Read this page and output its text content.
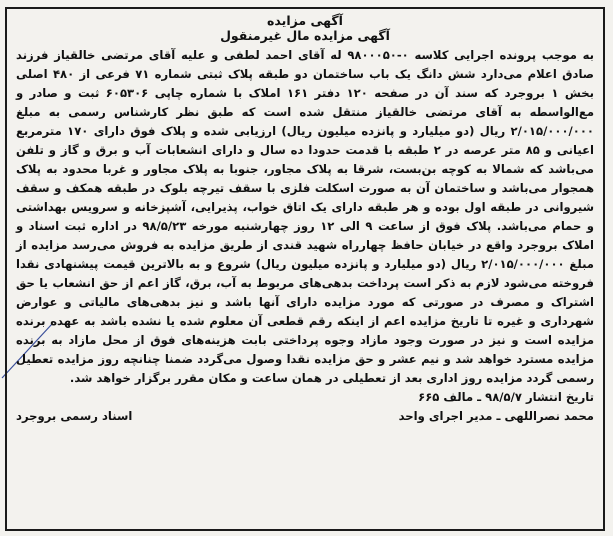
آگهی مزایده

آگهی مزایده مال غیرمنقول

به موجب پرونده اجرایی کلاسه ۰-۹۸۰۰۰۵۰ له آقای احمد لطفی و علیه آقای مرتضی خالقیاز فرزند صادق اعلام می‌دارد شش دانگ یک باب ساختمان دو طبقه پلاک ثبتی شماره ۷۱ فرعی از ۴۸۰ اصلی بخش ۱ بروجرد که سند آن در صفحه ۱۲۰ دفتر ۱۶۱ املاک با شماره چاپی ۶۰۵۳۰۶ ثبت و صادر و مع‌الواسطه به آقای مرتضی خالقیاز منتقل شده است که طبق نظر کارشناس رسمی به مبلغ ۲/۰۱۵/۰۰۰/۰۰۰ ریال (دو میلیارد و پانزده میلیون ریال) ارزیابی شده و پلاک فوق دارای ۱۷۰ مترمربع اعیانی و ۸۵ متر عرصه در ۲ طبقه با قدمت حدودا ده سال و دارای انشعابات آب و برق و گاز و تلفن می‌باشد که شمالا به کوچه بن‌بست، شرقا به پلاک مجاور، جنوبا به پلاک مجاور و غربا محدود به پلاک همجوار می‌باشد و ساختمان آن به صورت اسکلت فلزی با سقف تیرچه بلوک در طبقه همکف و سقف شیروانی در طبقه اول بوده و هر طبقه دارای یک اتاق خواب، پذیرایی، آشپزخانه و سرویس بهداشتی و حمام می‌باشد. پلاک فوق از ساعت ۹ الی ۱۲ روز چهارشنبه مورخه ۹۸/۵/۲۳ در اداره ثبت اسناد و املاک بروجرد واقع در خیابان حافظ چهارراه شهید قندی از طریق مزایده به فروش می‌رسد مزایده از مبلغ ۲/۰۱۵/۰۰۰/۰۰۰ ریال (دو میلیارد و پانزده میلیون ریال) شروع و به بالاترین قیمت پیشنهادی نقدا فروخته می‌شود لازم به ذکر است پرداخت بدهی‌های مربوط به آب، برق، گاز اعم از حق انشعاب یا حق اشتراک و مصرف در صورتی که مورد مزایده دارای آنها باشد و نیز بدهی‌های مالیاتی و عوارض شهرداری و غیره تا تاریخ مزایده اعم از اینکه رقم قطعی آن معلوم شده یا نشده باشد به عهده برنده مزایده است و نیز در صورت وجود مازاد وجوه پرداختی بابت هزینه‌های فوق از محل مازاد به برنده مزایده مسترد خواهد شد و نیم عشر و حق مزایده نقدا وصول می‌گردد ضمنا چنانچه روز مزایده تعطیل رسمی گردد مزایده روز اداری بعد از تعطیلی در همان ساعت و مکان مقرر برگزار خواهد شد.

تاریخ انتشار ۹۸/۵/۷ ـ مالف ۶۶۵

محمد نصراللهی ـ مدیر اجرای واحد
اسناد رسمی بروجرد
